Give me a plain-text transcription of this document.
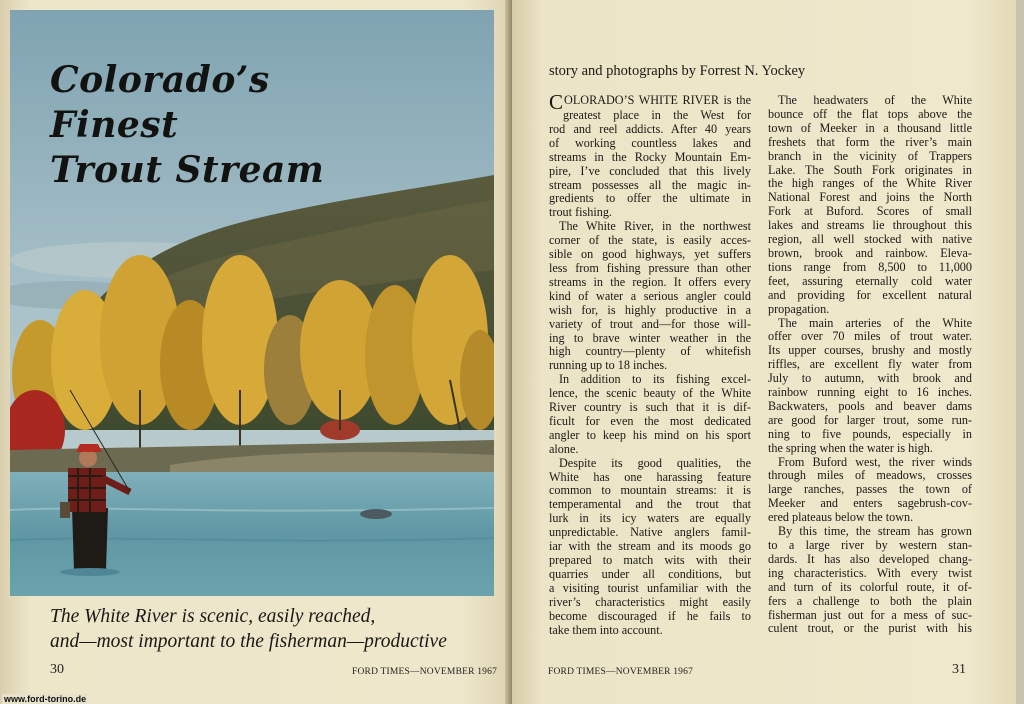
Colorado’s
Finest
Trout Stream

The White River is scenic, easily reached,
and—most important to the fisherman—productive

30	FORD TIMES—NOVEMBER 1967

story and photographs by Forrest N. Yockey

COLORADO’S WHITE RIVER is the
greatest place in the West for
rod and reel addicts. After 40 years
of working countless lakes and
streams in the Rocky Mountain Em-
pire, I’ve concluded that this lively
stream possesses all the magic in-
gredients to offer the ultimate in
trout fishing.
The White River, in the northwest
corner of the state, is easily acces-
sible on good highways, yet suffers
less from fishing pressure than other
streams in the region. It offers every
kind of water a serious angler could
wish for, is highly productive in a
variety of trout and—for those will-
ing to brave winter weather in the
high country—plenty of whitefish
running up to 18 inches.
In addition to its fishing excel-
lence, the scenic beauty of the White
River country is such that it is dif-
ficult for even the most dedicated
angler to keep his mind on his sport
alone.
Despite its good qualities, the
White has one harassing feature
common to mountain streams: it is
temperamental and the trout that
lurk in its icy waters are equally
unpredictable. Native anglers famil-
iar with the stream and its moods go
prepared to match wits with their
quarries under all conditions, but
a visiting tourist unfamiliar with the
river’s characteristics might easily
become discouraged if he fails to
take them into account.
The headwaters of the White
bounce off the flat tops above the
town of Meeker in a thousand little
freshets that form the river’s main
branch in the vicinity of Trappers
Lake. The South Fork originates in
the high ranges of the White River
National Forest and joins the North
Fork at Buford. Scores of small
lakes and streams lie throughout this
region, all well stocked with native
brown, brook and rainbow. Eleva-
tions range from 8,500 to 11,000
feet, assuring eternally cold water
and providing for excellent natural
propagation.
The main arteries of the White
offer over 70 miles of trout water.
Its upper courses, brushy and mostly
riffles, are excellent fly water from
July to autumn, with brook and
rainbow running eight to 16 inches.
Backwaters, pools and beaver dams
are good for larger trout, some run-
ning to five pounds, especially in
the spring when the water is high.
From Buford west, the river winds
through miles of meadows, crosses
large ranches, passes the town of
Meeker and enters sagebrush-cov-
ered plateaus below the town.
By this time, the stream has grown
to a large river by western stan-
dards. It has also developed chang-
ing characteristics. With every twist
and turn of its colorful route, it of-
fers a challenge to both the plain
fisherman just out for a mess of suc-
culent trout, or the purist with his
FORD TIMES—NOVEMBER 1967	31
www.ford-torino.de
